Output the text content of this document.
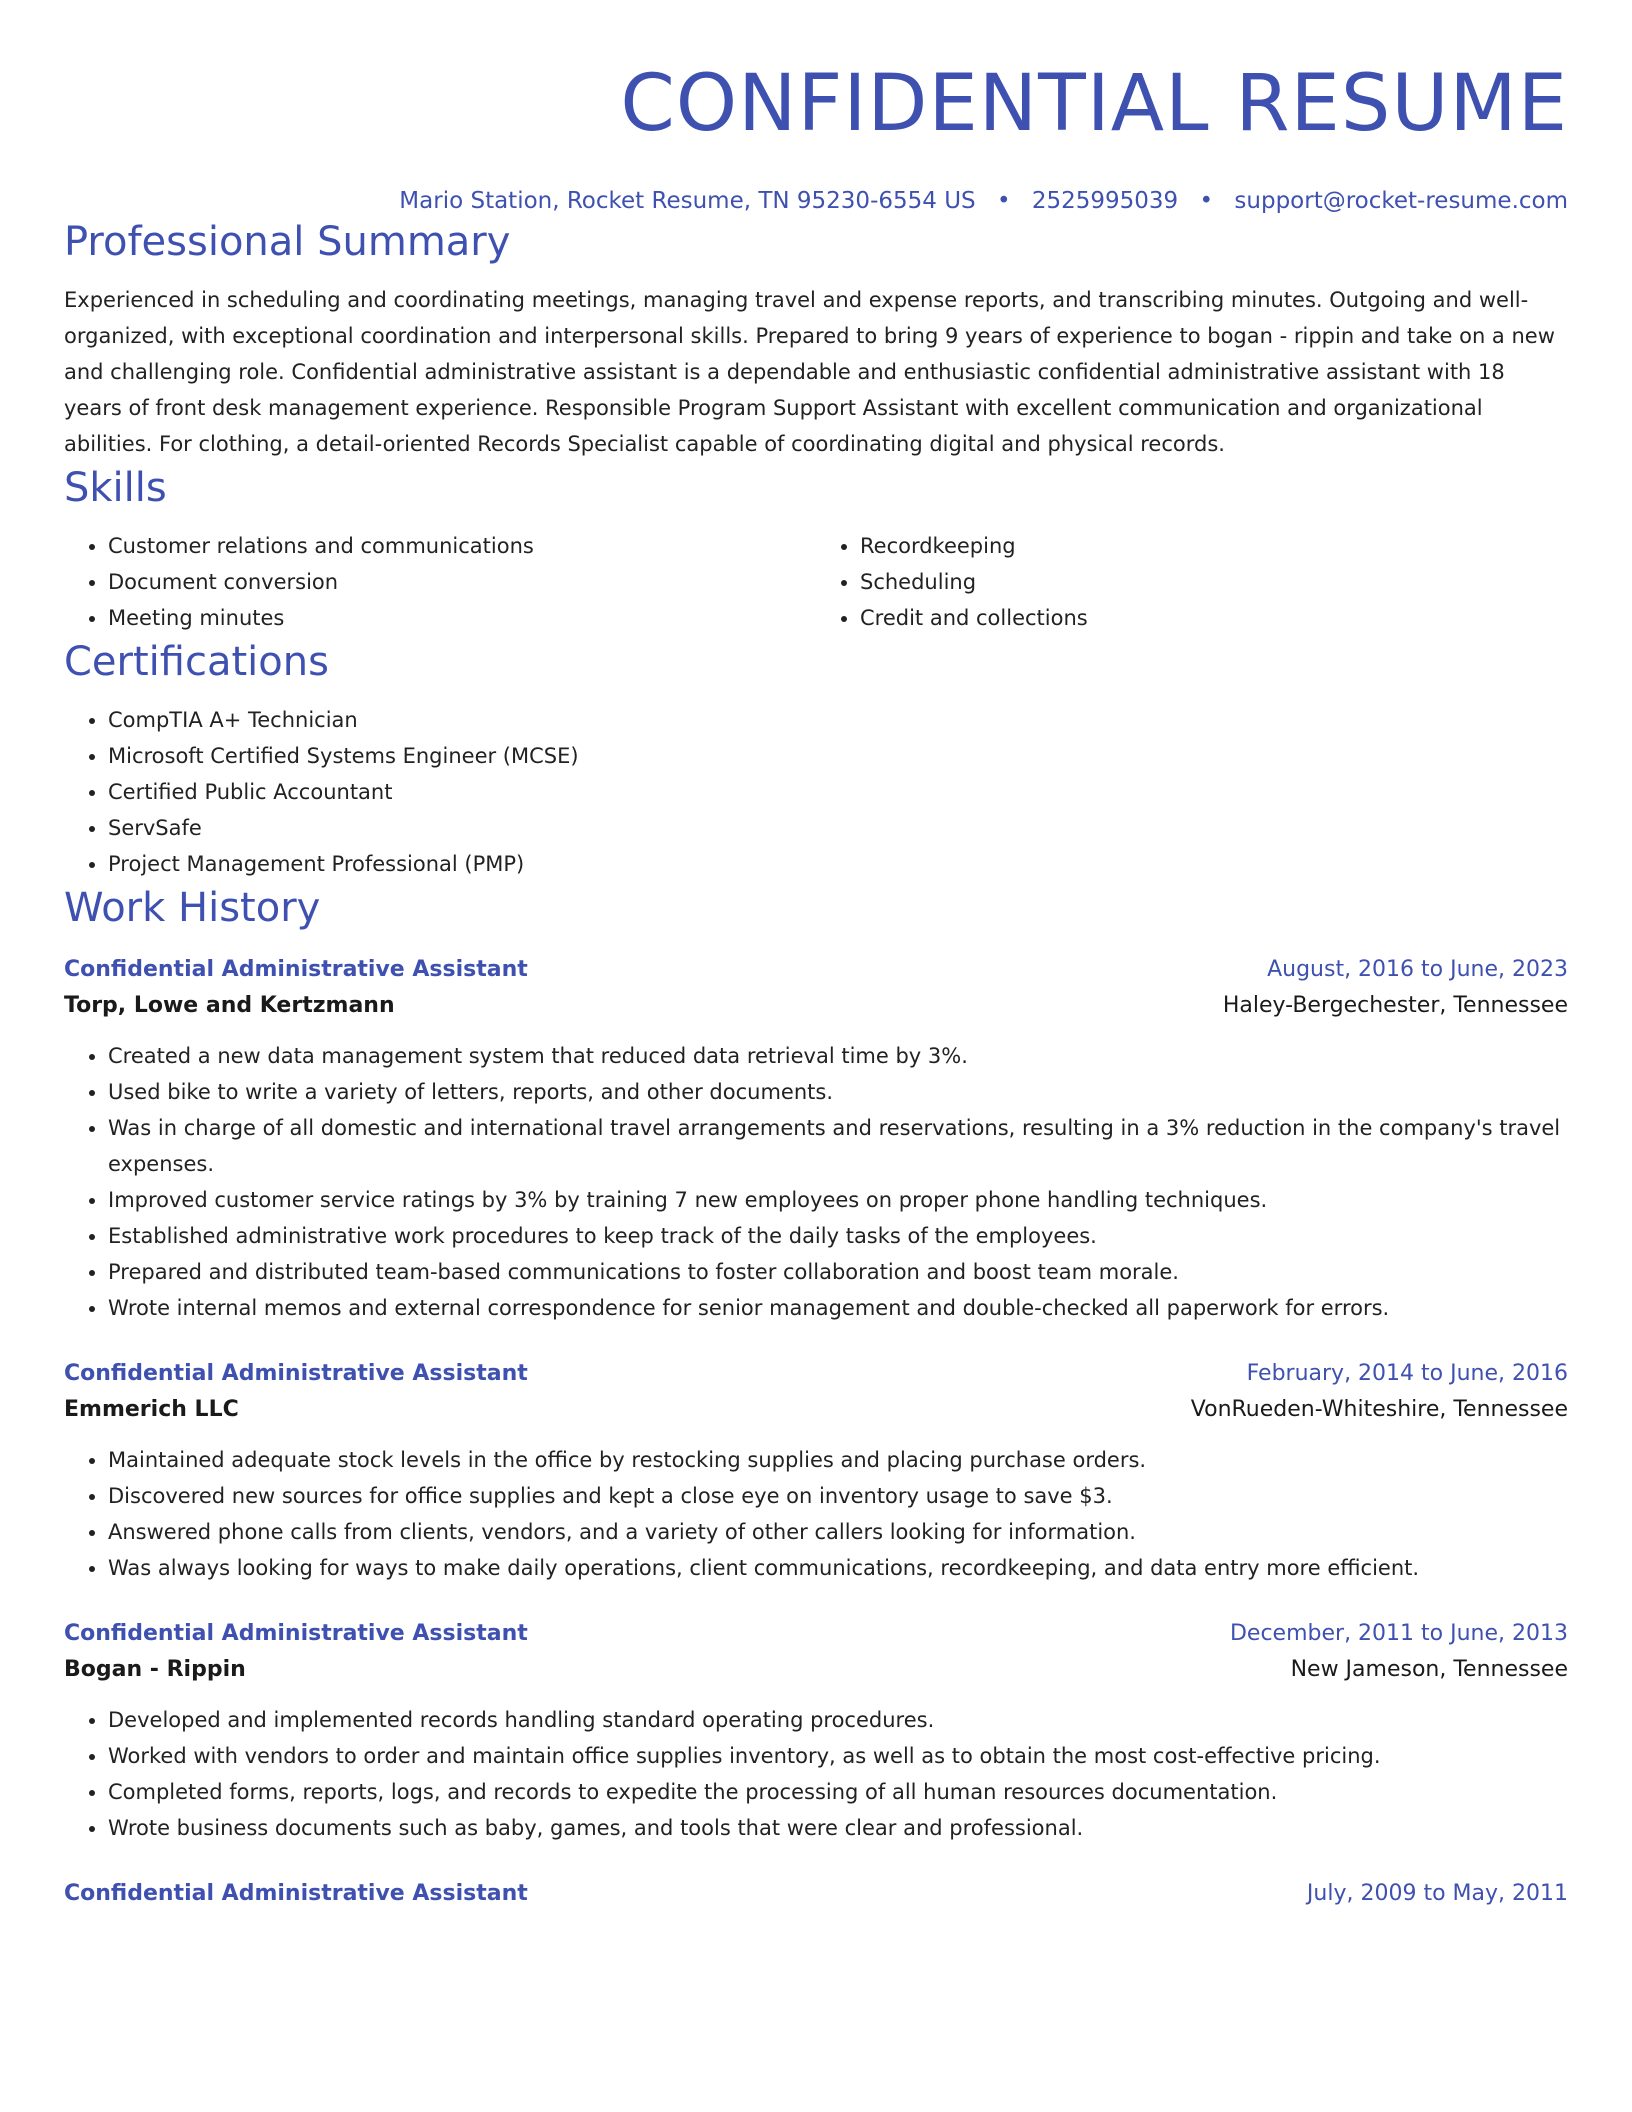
CONFIDENTIAL RESUME
Mario Station, Rocket Resume, TN 95230-6554 US • 2525995039 • support@rocket-resume.com
Professional Summary

Experienced in scheduling and coordinating meetings, managing travel and expense reports, and transcribing minutes. Outgoing and well-organized, with exceptional coordination and interpersonal skills. Prepared to bring 9 years of experience to bogan - rippin and take on a new and challenging role. Confidential administrative assistant is a dependable and enthusiastic confidential administrative assistant with 18 years of front desk management experience. Responsible Program Support Assistant with excellent communication and organizational abilities. For clothing, a detail-oriented Records Specialist capable of coordinating digital and physical records.

Skills
• Customer relations and communications
• Document conversion
• Meeting minutes
• Recordkeeping
• Scheduling
• Credit and collections
Certifications
• CompTIA A+ Technician
• Microsoft Certified Systems Engineer (MCSE)
• Certified Public Accountant
• ServSafe
• Project Management Professional (PMP)
Work History
Confidential Administrative Assistant	August, 2016 to June, 2023
Torp, Lowe and Kertzmann	Haley-Bergechester, Tennessee
• Created a new data management system that reduced data retrieval time by 3%.
• Used bike to write a variety of letters, reports, and other documents.
• Was in charge of all domestic and international travel arrangements and reservations, resulting in a 3% reduction in the company's travel expenses.
• Improved customer service ratings by 3% by training 7 new employees on proper phone handling techniques.
• Established administrative work procedures to keep track of the daily tasks of the employees.
• Prepared and distributed team-based communications to foster collaboration and boost team morale.
• Wrote internal memos and external correspondence for senior management and double-checked all paperwork for errors.
Confidential Administrative Assistant	February, 2014 to June, 2016
Emmerich LLC	VonRueden-Whiteshire, Tennessee
• Maintained adequate stock levels in the office by restocking supplies and placing purchase orders.
• Discovered new sources for office supplies and kept a close eye on inventory usage to save $3.
• Answered phone calls from clients, vendors, and a variety of other callers looking for information.
• Was always looking for ways to make daily operations, client communications, recordkeeping, and data entry more efficient.
Confidential Administrative Assistant	December, 2011 to June, 2013
Bogan - Rippin	New Jameson, Tennessee
• Developed and implemented records handling standard operating procedures.
• Worked with vendors to order and maintain office supplies inventory, as well as to obtain the most cost-effective pricing.
• Completed forms, reports, logs, and records to expedite the processing of all human resources documentation.
• Wrote business documents such as baby, games, and tools that were clear and professional.
Confidential Administrative Assistant	July, 2009 to May, 2011
